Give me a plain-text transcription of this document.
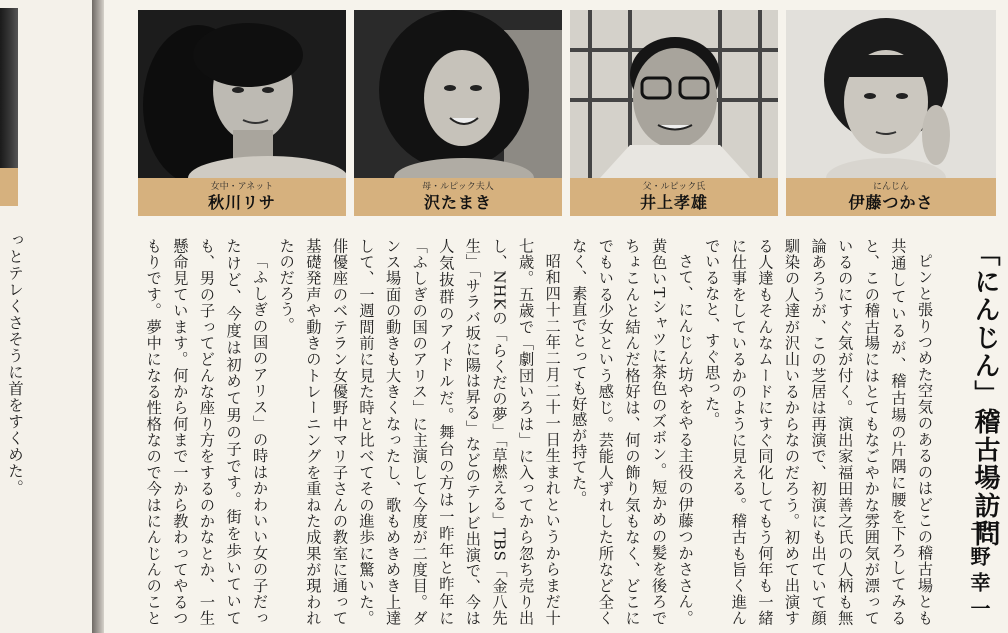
っとテレくさそうに首をすくめた。
女中・アネット
秋川リサ
母・ルピック夫人
沢たまき
父・ルピック氏
井上孝雄
にんじん
伊藤つかさ
「にんじん」稽古場訪問
千野幸一

ピンと張りつめた空気のあるのはどこの稽古場とも共通しているが、稽古場の片隅に腰を下ろしてみると、この稽古場にはとてもなごやかな雰囲気が漂っているのにすぐ気が付く。演出家福田善之氏の人柄も無論あろうが、この芝居は再演で、初演にも出ていて顔馴染の人達が沢山いるからなのだろう。初めて出演する人達もそんなムードにすぐ同化してもう何年も一緒に仕事をしているかのように見える。稽古も旨く進んでいるなと、すぐ思った。

さて、にんじん坊やをやる主役の伊藤つかささん。黄色いTシャツに茶色のズボン。短かめの髪を後ろでちょこんと結んだ格好は、何の飾り気もなく、どこにでもいる少女という感じ。芸能人ずれした所など全くなく、素直でとっても好感が持てた。

昭和四十二年二月二十一日生まれというからまだ十七歳。五歳で「劇団いろは」に入ってから忽ち売り出し、NHKの「らくだの夢」「草燃える」TBS「金八先生」「サラバ坂に陽は昇る」などのテレビ出演で、今は人気抜群のアイドルだ。舞台の方は一昨年と昨年に「ふしぎの国のアリス」に主演して今度が二度目。ダンス場面の動きも大きくなったし、歌もめきめき上達して、一週間前に見た時と比べてその進歩に驚いた。俳優座のベテラン女優野中マリ子さんの教室に通って基礎発声や動きのトレーニングを重ねた成果が現われたのだろう。

「ふしぎの国のアリス」の時はかわいい女の子だったけど、今度は初めて男の子です。街を歩いていても、男の子ってどんな座り方をするのかなとか、一生懸命見ています。何から何まで一から教わってやるつもりです。夢中になる性格なので今はにんじんのこと
